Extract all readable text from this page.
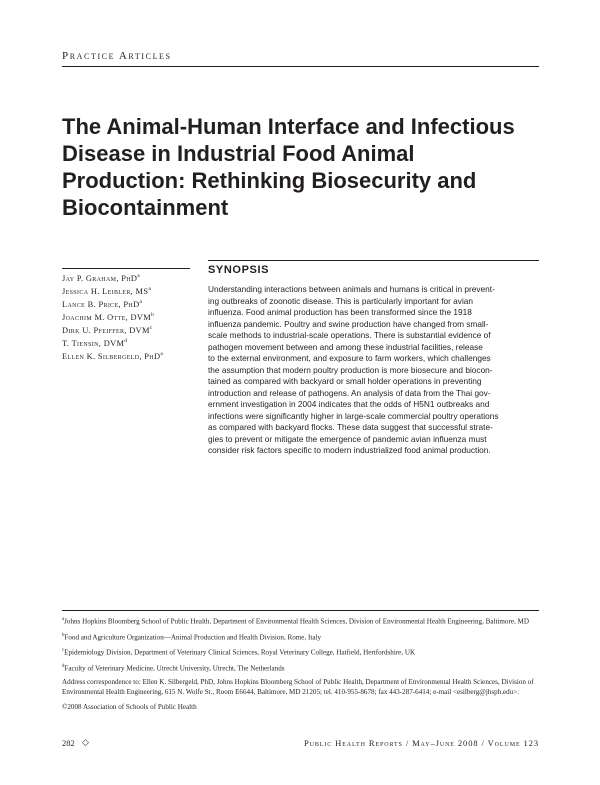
Practice Articles
The Animal-Human Interface and Infectious Disease in Industrial Food Animal Production: Rethinking Biosecurity and Biocontainment
Jay P. Graham, PhD$^a$
Jessica H. Leibler, $MS^a$
Lance B. Price, PhD$^a$
Joachim M. Otte, DVM$^b$
Dirk U. Pfeiffer, DVM$^c$
T. Tiensin, DVM$^d$
Ellen K. Silbergeld, PhD$^a$
SYNOPSIS

Understanding interactions between animals and humans is critical in prevent-
ing outbreaks of zoonotic disease. This is particularly important for avian
influenza. Food animal production has been transformed since the 1918
influenza pandemic. Poultry and swine production have changed from small-
scale methods to industrial-scale operations. There is substantial evidence of
pathogen movement between and among these industrial facilities, release
to the external environment, and exposure to farm workers, which challenges
the assumption that modern poultry production is more biosecure and biocon-
tained as compared with backyard or small holder operations in preventing
introduction and release of pathogens. An analysis of data from the Thai gov-
ernment investigation in 2004 indicates that the odds of H5N1 outbreaks and
infections were significantly higher in large-scale commercial poultry operations
as compared with backyard flocks. These data suggest that successful strate-
gies to prevent or mitigate the emergence of pandemic avian influenza must
consider risk factors specific to modern industrialized food animal production.

$^a$Johns Hopkins Bloomberg School of Public Health, Department of Environmental Health Sciences, Division of Environmental Health Engineering, Baltimore, MD

$^b$Food and Agriculture Organization—Animal Production and Health Division, Rome, Italy

$^c$Epidemiology Division, Department of Veterinary Clinical Sciences, Royal Veterinary College, Hatfield, Hertfordshire, UK

$^d$Faculty of Veterinary Medicine, Utrecht University, Utrecht, The Netherlands

Address correspondence to: Ellen K. Silbergeld, PhD, Johns Hopkins Bloomberg School of Public Health, Department of Environmental Health Sciences, Division of Environmental Health Engineering, 615 N. Wolfe St., Room E6644, Baltimore, MD 21205; tel. 410-955-8678; fax 443-287-6414; e-mail <esilberg@jhsph.edu>.

©2008 Association of Schools of Public Health

282 ◇	Public Health Reports / May–June 2008 / Volume 123
